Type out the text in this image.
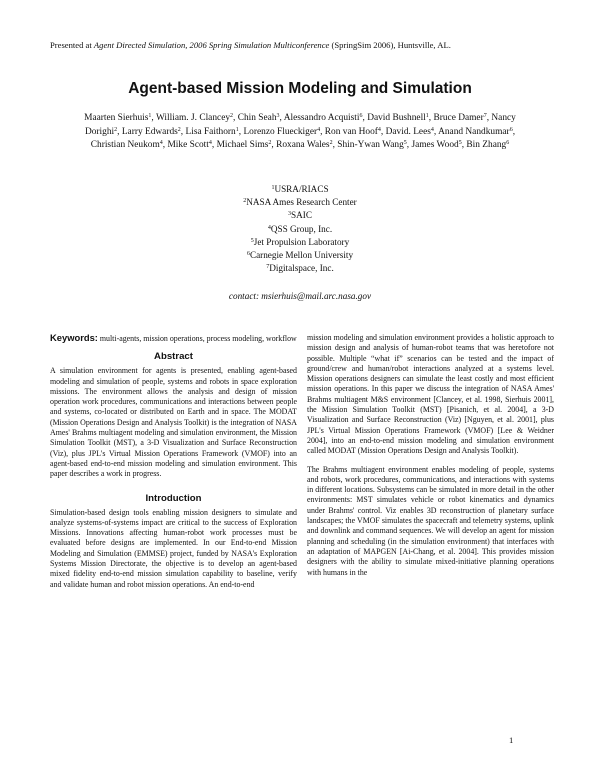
Presented at Agent Directed Simulation, 2006 Spring Simulation Multiconference (SpringSim 2006), Huntsville, AL.
Agent-based Mission Modeling and Simulation
Maarten Sierhuis$^1$, William. J. Clancey$^2$, Chin Seah$^3$, Alessandro Acquisti$^6$, David Bushnell$^1$, Bruce Damer$^7$, Nancy Dorighi$^2$, Larry Edwards$^2$, Lisa Faithorn$^1$, Lorenzo Flueckiger$^4$, Ron van Hoof$^4$, David. Lees$^4$, Anand Nandkumar$^6$, Christian Neukom$^4$, Mike Scott$^4$, Michael Sims$^2$, Roxana Wales$^2$, Shin-Ywan Wang$^5$, James Wood$^5$, Bin Zhang$^6$
$^1$USRA/RIACS
$^2$NASA Ames Research Center
$^3$SAIC
$^4$QSS Group, Inc.
$^5$Jet Propulsion Laboratory
$^6$Carnegie Mellon University
$^7$Digitalspace, Inc.
contact: msierhuis@mail.arc.nasa.gov

Keywords: multi-agents, mission operations, process modeling, workflow

Abstract

A simulation environment for agents is presented, enabling agent-based modeling and simulation of people, systems and robots in space exploration missions. The environment allows the analysis and design of mission operation work procedures, communications and interactions between people and systems, co-located or distributed on Earth and in space. The MODAT (Mission Operations Design and Analysis Toolkit) is the integration of NASA Ames' Brahms multiagent modeling and simulation environment, the Mission Simulation Toolkit (MST), a 3-D Visualization and Surface Reconstruction (Viz), plus JPL's Virtual Mission Operations Framework (VMOF) into an agent-based end-to-end mission modeling and simulation environment. This paper describes a work in progress.

Introduction

Simulation-based design tools enabling mission designers to simulate and analyze systems-of-systems impact are critical to the success of Exploration Missions. Innovations affecting human-robot work processes must be evaluated before designs are implemented. In our End-to-end Mission Modeling and Simulation (EMMSE) project, funded by NASA's Exploration Systems Mission Directorate, the objective is to develop an agent-based mixed fidelity end-to-end mission simulation capability to baseline, verify and validate human and robot mission operations. An end-to-end

mission modeling and simulation environment provides a holistic approach to mission design and analysis of human-robot teams that was heretofore not possible. Multiple “what if” scenarios can be tested and the impact of ground/crew and human/robot interactions analyzed at a systems level. Mission operations designers can simulate the least costly and most efficient mission operations. In this paper we discuss the integration of NASA Ames' Brahms multiagent M&S environment [Clancey, et al. 1998, Sierhuis 2001], the Mission Simulation Toolkit (MST) [Pisanich, et al. 2004], a 3-D Visualization and Surface Reconstruction (Viz) [Nguyen, et al. 2001], plus JPL's Virtual Mission Operations Framework (VMOF) [Lee & Weidner 2004], into an end-to-end mission modeling and simulation environment called MODAT (Mission Operations Design and Analysis Toolkit).

The Brahms multiagent environment enables modeling of people, systems and robots, work procedures, communications, and interactions with systems in different locations. Subsystems can be simulated in more detail in the other environments: MST simulates vehicle or robot kinematics and dynamics under Brahms' control. Viz enables 3D reconstruction of planetary surface landscapes; the VMOF simulates the spacecraft and telemetry systems, uplink and downlink and command sequences. We will develop an agent for mission planning and scheduling (in the simulation environment) that interfaces with an adaptation of MAPGEN [Ai-Chang, et al. 2004]. This provides mission designers with the ability to simulate mixed-initiative planning operations with humans in the

1
